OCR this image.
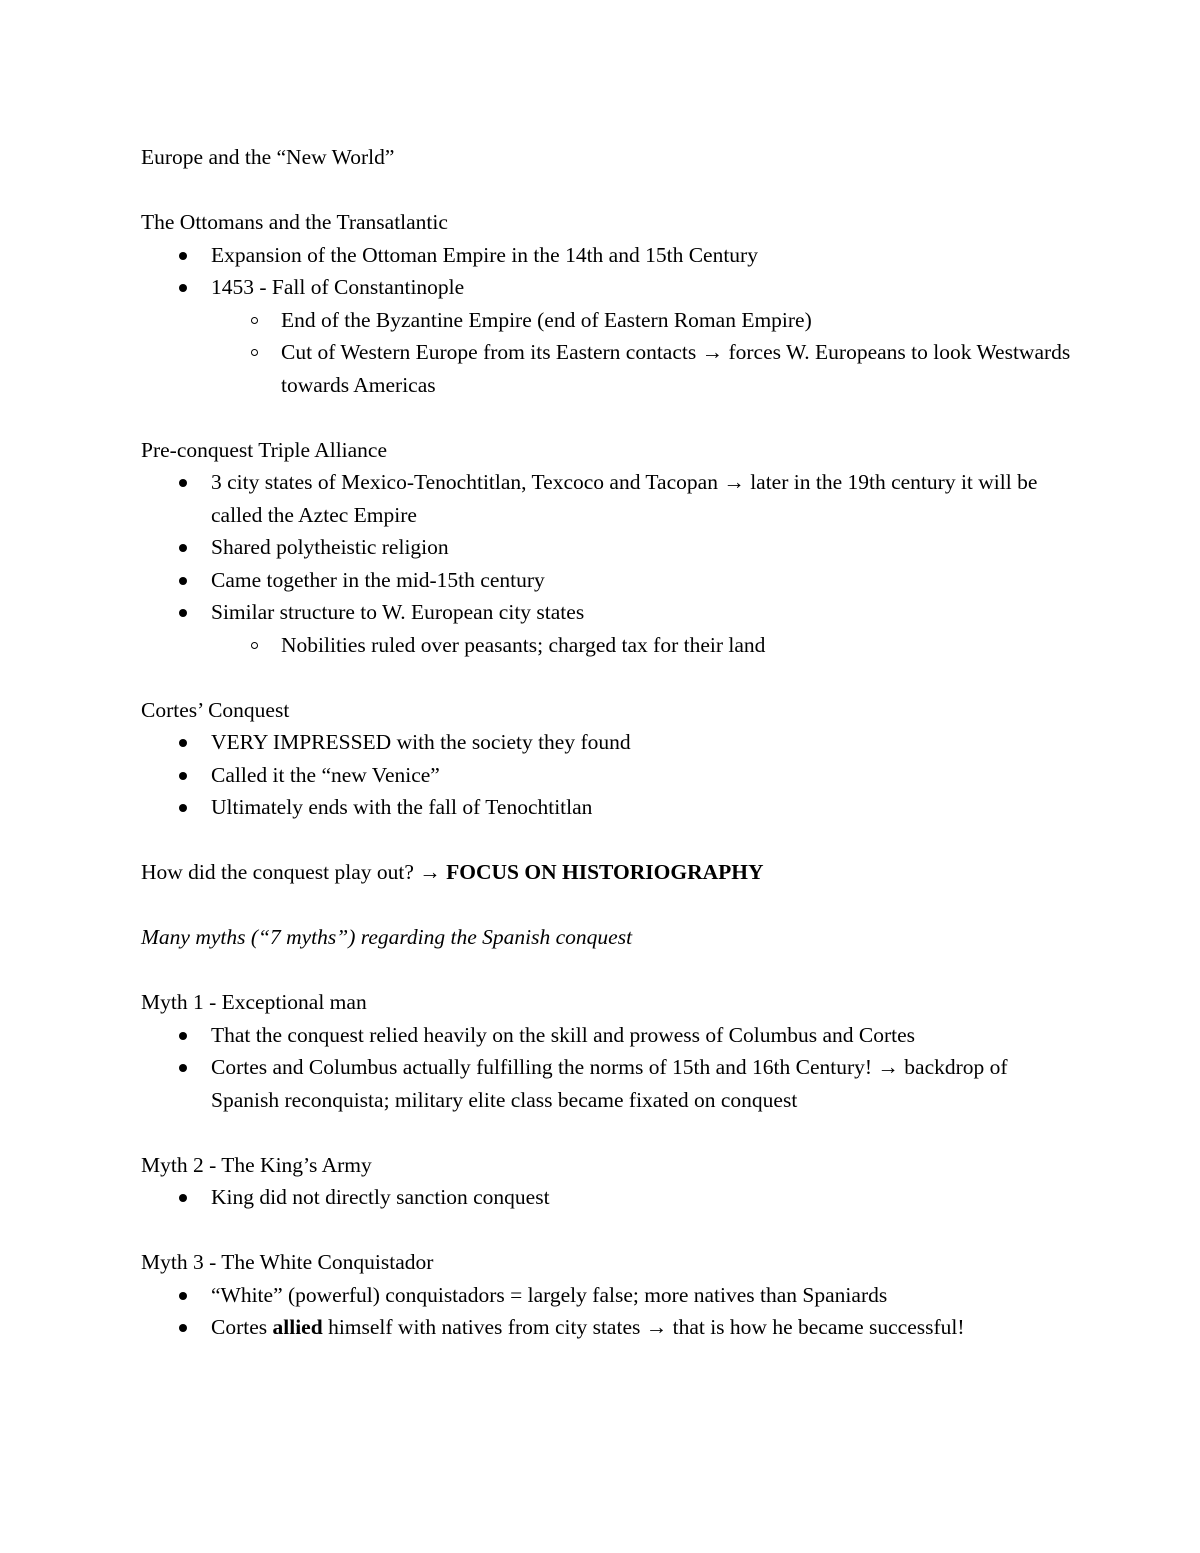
Europe and the “New World”

The Ottomans and the Transatlantic

Expansion of the Ottoman Empire in the 14th and 15th Century
1453 - Fall of Constantinople
End of the Byzantine Empire (end of Eastern Roman Empire)
Cut of Western Europe from its Eastern contacts → forces W. Europeans to look Westwards towards Americas

Pre-conquest Triple Alliance

3 city states of Mexico-Tenochtitlan, Texcoco and Tacopan → later in the 19th century it will be called the Aztec Empire
Shared polytheistic religion
Came together in the mid-15th century
Similar structure to W. European city states
Nobilities ruled over peasants; charged tax for their land

Cortes’ Conquest

VERY IMPRESSED with the society they found
Called it the “new Venice”
Ultimately ends with the fall of Tenochtitlan

How did the conquest play out? → FOCUS ON HISTORIOGRAPHY

Many myths (“7 myths”) regarding the Spanish conquest

Myth 1 - Exceptional man

That the conquest relied heavily on the skill and prowess of Columbus and Cortes
Cortes and Columbus actually fulfilling the norms of 15th and 16th Century! → backdrop of Spanish reconquista; military elite class became fixated on conquest

Myth 2 - The King’s Army

King did not directly sanction conquest

Myth 3 - The White Conquistador

“White” (powerful) conquistadors = largely false; more natives than Spaniards
Cortes allied himself with natives from city states → that is how he became successful!
